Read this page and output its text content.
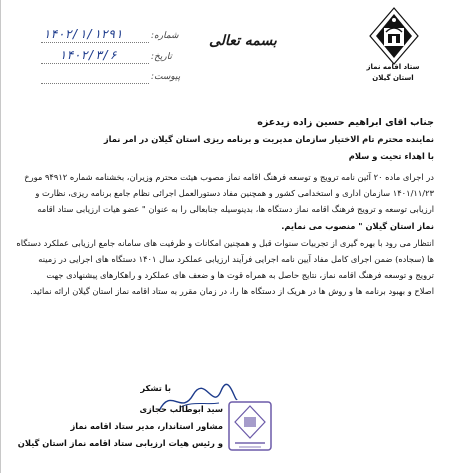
ستاد اقامه نماز
استان گیلان
بسمه تعالی
شماره:
۱۴۰۲/۱/۱۲۹۱
تاریخ:
۱۴۰۲/۳/۶
پیوست:
جناب آقای ابراهیم حسین زاده زیدعزه
نماینده محترم تام الاختیار سازمان مدیریت و برنامه ریزی استان گیلان در امر نماز
با اهداء تحیت و سلام
در اجرای ماده ۲۰ آئین نامه ترویج و توسعه فرهنگ اقامه نماز مصوب هیئت محترم وزیران، بخشنامه شماره ۹۴۹۱۲ مورخ
۱۴۰۱/۱۱/۲۳ سازمان اداری و استخدامی کشور و همچنین مفاد دستورالعمل اجرائی نظام جامع برنامه ریزی، نظارت و
ارزیابی توسعه و ترویج فرهنگ اقامه نماز دستگاه ها، بدینوسیله جنابعالی را به عنوان " عضو هیات ارزیابی ستاد اقامه
نماز استان گیلان " منصوب می نمایم.
انتظار می رود با بهره گیری از تجربیات سنوات قبل و همچنین امکانات و ظرفیت های سامانه جامع ارزیابی عملکرد دستگاه
ها (سجاده) ضمن اجرای کامل مفاد آیین نامه اجرایی فرآیند ارزیابی عملکرد سال ۱۴۰۱ دستگاه های اجرایی در زمینه
ترویج و توسعه فرهنگ اقامه نماز، نتایج حاصل به همراه قوت ها و ضعف های عملکرد و راهکارهای پیشنهادی جهت
اصلاح و بهبود برنامه ها و روش ها در هریک از دستگاه ها را، در زمان مقرر به ستاد اقامه نماز استان گیلان ارائه نمائید.
با تشکر
سید ابوطالب حجازی
مشاور استاندار، مدیر ستاد اقامه نماز
و رئیس هیات ارزیابی ستاد اقامه نماز استان گیلان
